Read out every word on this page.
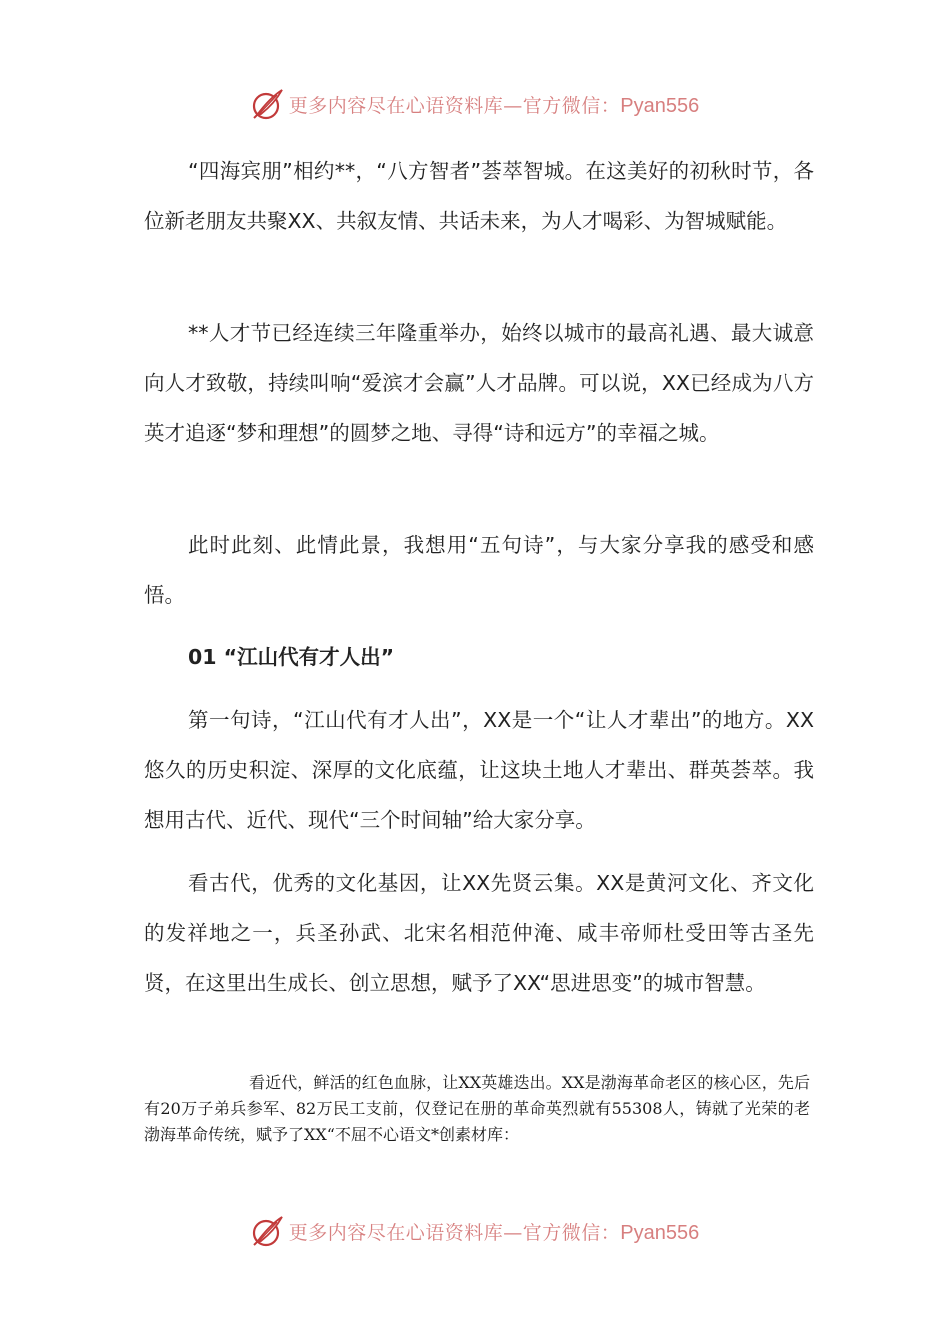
更多内容尽在心语资料库—官方微信：Pyan556

“四海宾朋”相约**，“八方智者”荟萃智城。在这美好的初秋时节，各位新老朋友共聚XX、共叙友情、共话未来，为人才喝彩、为智城赋能。

**人才节已经连续三年隆重举办，始终以城市的最高礼遇、最大诚意向人才致敬，持续叫响“爱滨才会赢”人才品牌。可以说，XX已经成为八方英才追逐“梦和理想”的圆梦之地、寻得“诗和远方”的幸福之城。

此时此刻、此情此景，我想用“五句诗”，与大家分享我的感受和感悟。

01 “江山代有才人出”

第一句诗，“江山代有才人出”，XX是一个“让人才辈出”的地方。XX悠久的历史积淀、深厚的文化底蕴，让这块土地人才辈出、群英荟萃。我想用古代、近代、现代“三个时间轴”给大家分享。

看古代，优秀的文化基因，让XX先贤云集。XX是黄河文化、齐文化的发祥地之一，兵圣孙武、北宋名相范仲淹、咸丰帝师杜受田等古圣先贤，在这里出生成长、创立思想，赋予了XX“思进思变”的城市智慧。

看近代，鲜活的红色血脉，让XX英雄迭出。XX是渤海革命老区的核心区，先后有20万子弟兵参军、82万民工支前，仅登记在册的革命英烈就有55308人，铸就了光荣的老渤海革命传统，赋予了XX“不屈不心语文*创素材库：

更多内容尽在心语资料库—官方微信：Pyan556
